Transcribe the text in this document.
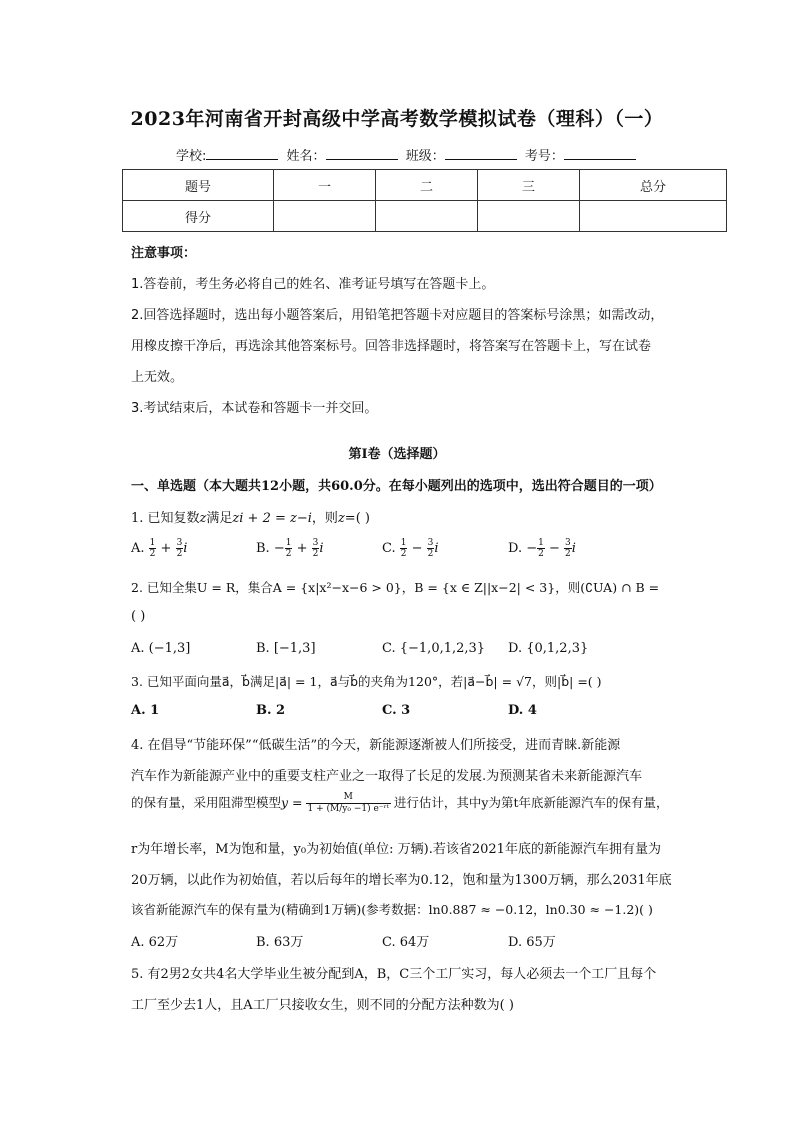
2023年河南省开封高级中学高考数学模拟试卷（理科）（一）
学校:	姓名：	班级：	考号：
题号	一	二	三	总分
得分				
注意事项：
1.答卷前，考生务必将自己的姓名、准考证号填写在答题卡上。
2.回答选择题时，选出每小题答案后，用铅笔把答题卡对应题目的答案标号涂黑；如需改动，
用橡皮擦干净后，再选涂其他答案标号。回答非选择题时，将答案写在答题卡上，写在试卷
上无效。
3.考试结束后，本试卷和答题卡一并交回。
第I卷（选择题）
一、单选题（本大题共12小题，共60.0分。在每小题列出的选项中，选出符合题目的一项）
1. 已知复数z满足zi + 2 = z−i，则z=( )
A. $\frac{1}{2} + \frac{3}{2}$ i	B. − $\frac{1}{2} + \frac{3}{2}$ i	C. $\frac{1}{2} - \frac{3}{2}$ i	D. − $\frac{1}{2} - \frac{3}{2}$ i
2. 已知全集U = R，集合A = {x|x²−x−6 > 0}，B = {x ∈ Z||x−2| < 3}，则(∁UA) ∩ B =
( )
A. (−1,3]	B. [−1,3]	C. {−1,0,1,2,3} D. {0,1,2,3}
3. 已知平面向量a⃗，b⃗满足|a⃗| = 1，a⃗与b⃗的夹角为120°，若|a⃗−b⃗| = √7，则|b⃗| =( )
A. 1	B. 2	C. 3	D. 4
4. 在倡导“节能环保”“低碳生活”的今天，新能源逐渐被人们所接受，进而青睐.新能源
汽车作为新能源产业中的重要支柱产业之一取得了长足的发展.为预测某省未来新能源汽车
的保有量，采用阻滞型模型$y = \frac{M}{\text{1 + (M/y₀ −1) e⁻ʳᵗ}}$ 进行估计，其中y为第t年底新能源汽车的保有量，
r为年增长率，M为饱和量，y₀为初始值(单位: 万辆).若该省2021年底的新能源汽车拥有量为
20万辆，以此作为初始值，若以后每年的增长率为0.12，饱和量为1300万辆，那么2031年底
该省新能源汽车的保有量为(精确到1万辆)(参考数据：ln0.887 ≈ −0.12，ln0.30 ≈ −1.2)( )
A. 62万	B. 63万	C. 64万	D. 65万
5. 有2男2女共4名大学毕业生被分配到A，B，C三个工厂实习，每人必须去一个工厂且每个
工厂至少去1人，且A工厂只接收女生，则不同的分配方法种数为( )
